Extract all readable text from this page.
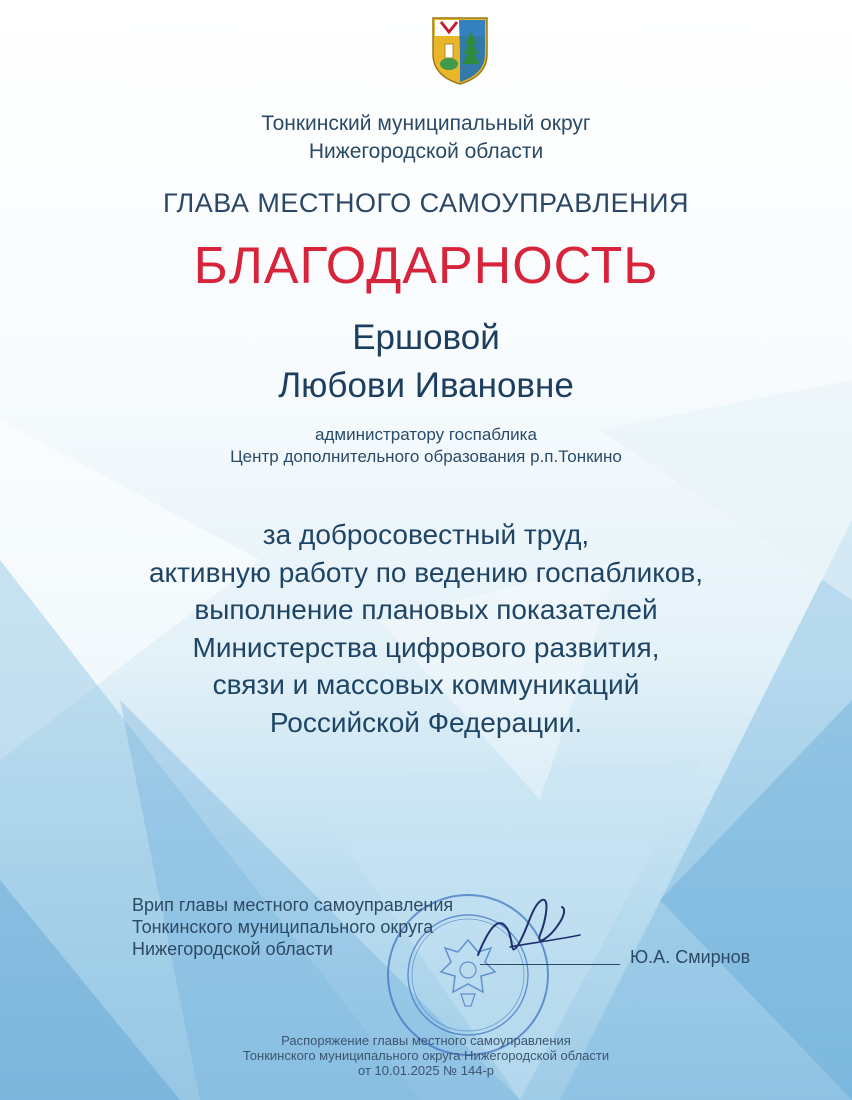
Тонкинский муниципальный округ
Нижегородской области
ГЛАВА МЕСТНОГО САМОУПРАВЛЕНИЯ
БЛАГОДАРНОСТЬ
Ершовой
Любови Ивановне
администратору госпаблика
Центр дополнительного образования р.п.Тонкино
за добросовестный труд,
активную работу по ведению госпабликов,
выполнение плановых показателей
Министерства цифрового развития,
связи и массовых коммуникаций
Российской Федерации.
Врип главы местного самоуправления
Тонкинского муниципального округа
Нижегородской области	Ю.А. Смирнов
Распоряжение главы местного самоуправления
Тонкинского муниципального округа Нижегородской области
от 10.01.2025 № 144-р
